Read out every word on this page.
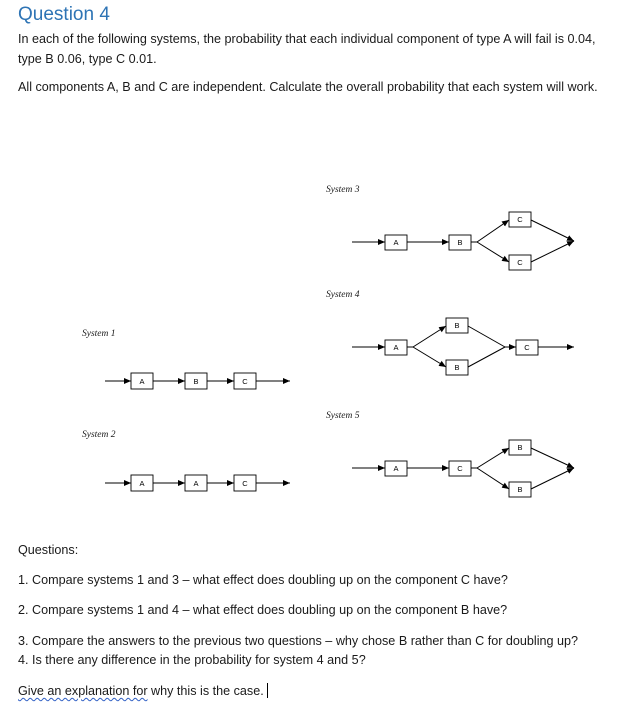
Question 4

In each of the following systems, the probability that each individual component of type A will fail is 0.04, type B 0.06, type C 0.01.

All components A, B and C are independent. Calculate the overall probability that each system will work.

System 1
A	B	C
System 2
A	A	C
System 3
A	B
C
C
System 4
A
B
B
C
System 5
A	C
B
B

Questions:

1. Compare systems 1 and 3 – what effect does doubling up on the component C have?

2. Compare systems 1 and 4 – what effect does doubling up on the component B have?

3. Compare the answers to the previous two questions – why chose B rather than C for doubling up?

4. Is there any difference in the probability for system 4 and 5?

Give an explanation for why this is the case.
